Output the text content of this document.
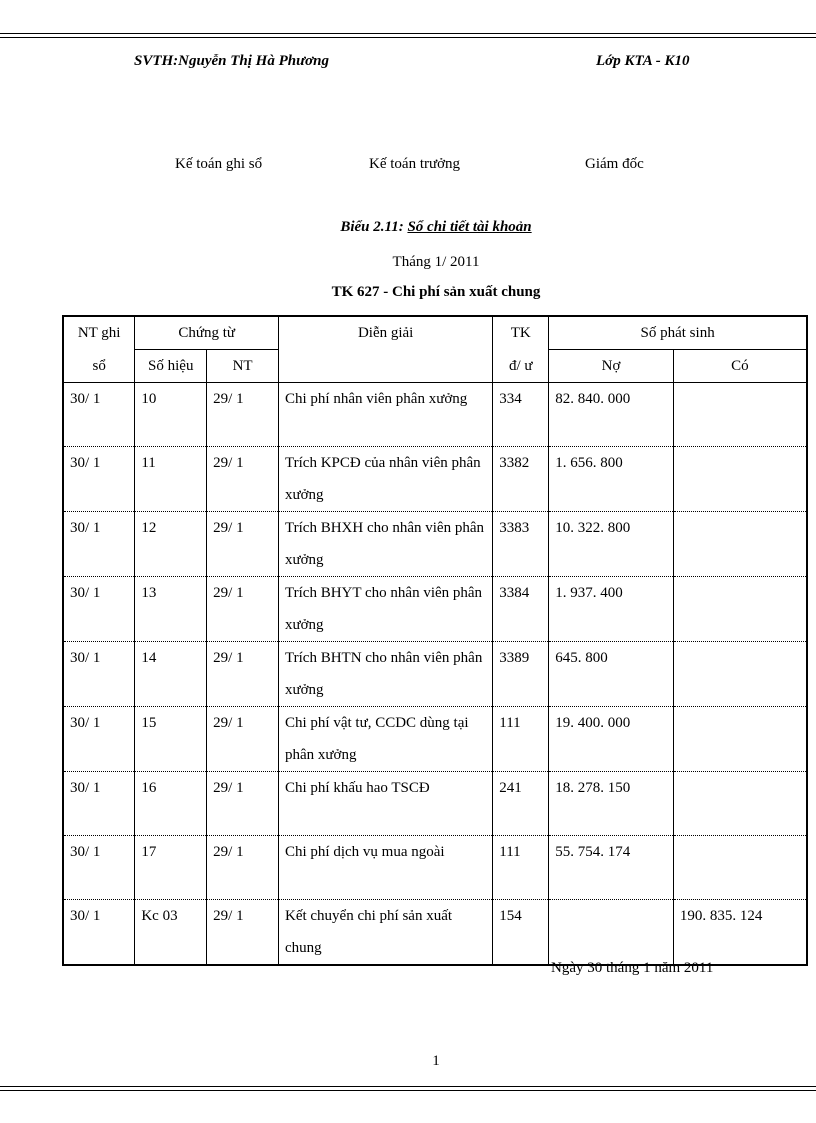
SVTH:Nguyễn Thị Hà Phương	Lớp KTA - K10
Kế toán ghi sổ	Kế toán trưởng	Giám đốc
Biểu 2.11: Sổ chi tiết tài khoản
Tháng 1/ 2011
TK 627 - Chi phí sản xuất chung
NT ghi	Chứng từ		Diễn giải	TK	Số phát sinh	
sổ	Số hiệu	NT		đ/ ư	Nợ	Có
30/ 1	10	29/ 1	Chi phí nhân viên phân xưởng	334	82. 840. 000	
30/ 1	11	29/ 1	Trích KPCĐ của nhân viên phân xưởng	3382	1. 656. 800	
30/ 1	12	29/ 1	Trích BHXH cho nhân viên phân xưởng	3383	10. 322. 800	
30/ 1	13	29/ 1	Trích BHYT cho nhân viên phân xưởng	3384	1. 937. 400	
30/ 1	14	29/ 1	Trích BHTN cho nhân viên phân xưởng	3389	645. 800	
30/ 1	15	29/ 1	Chi phí vật tư, CCDC dùng tại phân xưởng	111	19. 400. 000	
30/ 1	16	29/ 1	Chi phí khấu hao TSCĐ	241	18. 278. 150	
30/ 1	17	29/ 1	Chi phí dịch vụ mua ngoài	111	55. 754. 174	
30/ 1	Kc 03	29/ 1	Kết chuyển chi phí sản xuất chung	154		190. 835. 124
Ngày 30 tháng 1 năm 2011
1
